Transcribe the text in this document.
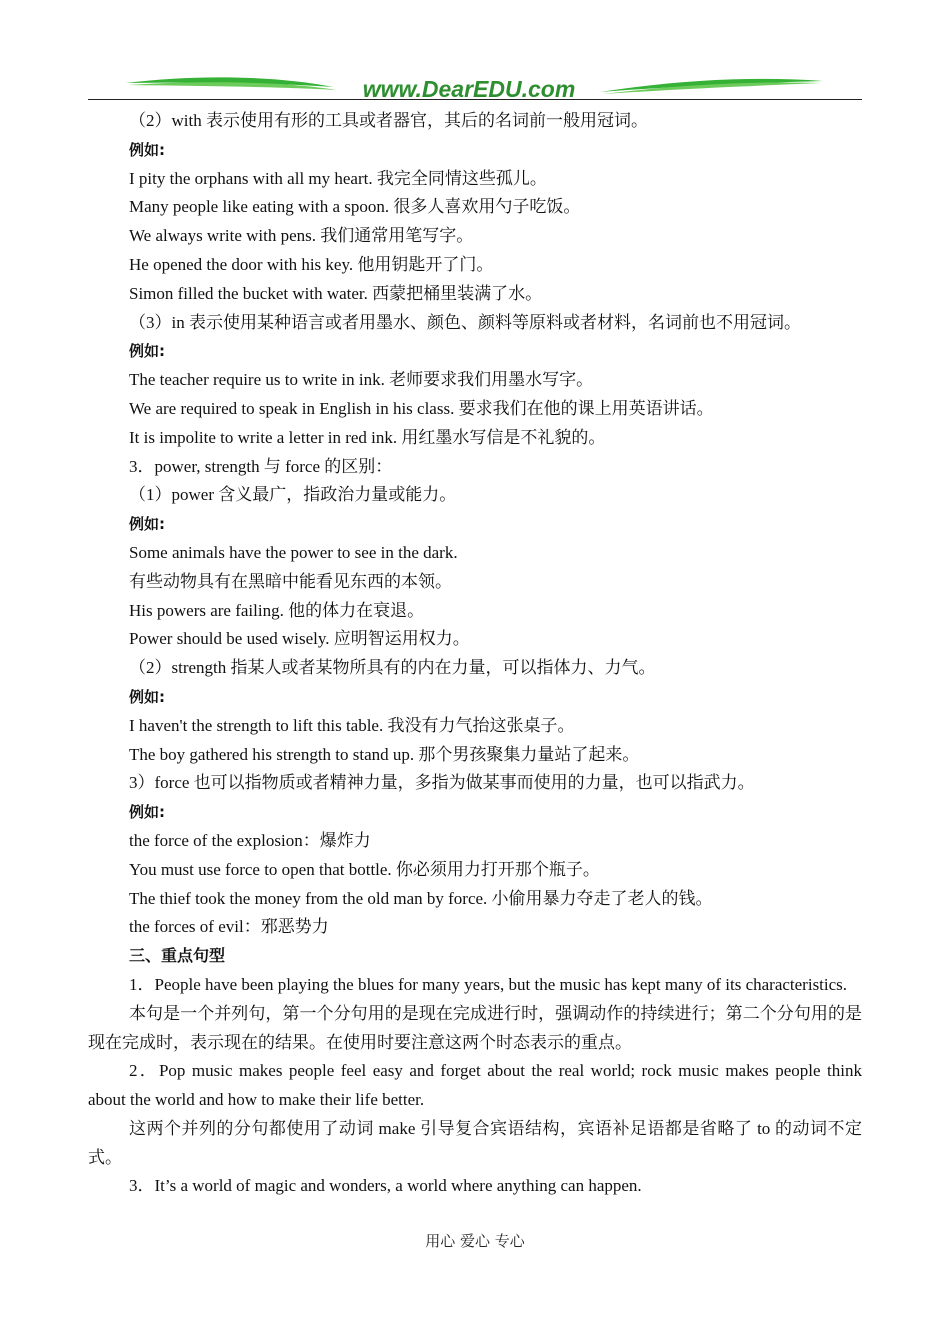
www.DearEDU.com
（2）with 表示使用有形的工具或者器官，其后的名词前一般用冠词。
例如:
I pity the orphans with all my heart. 我完全同情这些孤儿。
Many people like eating with a spoon. 很多人喜欢用勺子吃饭。
We always write with pens. 我们通常用笔写字。
He opened the door with his key. 他用钥匙开了门。
Simon filled the bucket with water. 西蒙把桶里装满了水。
（3）in 表示使用某种语言或者用墨水、颜色、颜料等原料或者材料，名词前也不用冠词。
例如:
The teacher require us to write in ink. 老师要求我们用墨水写字。
We are required to speak in English in his class. 要求我们在他的课上用英语讲话。
It is impolite to write a letter in red ink. 用红墨水写信是不礼貌的。
3．power, strength 与 force 的区别：
（1）power 含义最广，指政治力量或能力。
例如:
Some animals have the power to see in the dark.
有些动物具有在黑暗中能看见东西的本领。
His powers are failing. 他的体力在衰退。
Power should be used wisely. 应明智运用权力。
（2）strength 指某人或者某物所具有的内在力量，可以指体力、力气。
例如:
I haven't the strength to lift this table. 我没有力气抬这张桌子。
The boy gathered his strength to stand up. 那个男孩聚集力量站了起来。
3）force 也可以指物质或者精神力量，多指为做某事而使用的力量，也可以指武力。
例如:
the force of the explosion：爆炸力
You must use force to open that bottle. 你必须用力打开那个瓶子。
The thief took the money from the old man by force. 小偷用暴力夺走了老人的钱。
the forces of evil：邪恶势力
三、重点句型
1．People have been playing the blues for many years, but the music has kept many of its characteristics.
本句是一个并列句，第一个分句用的是现在完成进行时，强调动作的持续进行；第二个分句用的是现在完成时，表示现在的结果。在使用时要注意这两个时态表示的重点。
2．Pop music makes people feel easy and forget about the real world; rock music makes people think about the world and how to make their life better.
这两个并列的分句都使用了动词 make 引导复合宾语结构，宾语补足语都是省略了 to 的动词不定式。
3．It’s a world of magic and wonders, a world where anything can happen.
用心 爱心 专心
